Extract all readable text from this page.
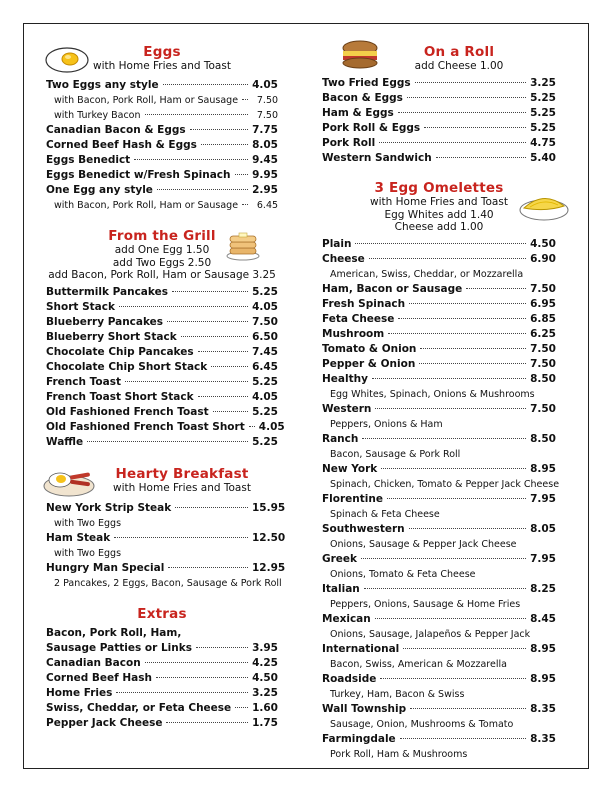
Eggs
with Home Fries and Toast
Two Eggs any style	4.05
with Bacon, Pork Roll, Ham or Sausage	7.50
with Turkey Bacon	7.50
Canadian Bacon & Eggs	7.75
Corned Beef Hash & Eggs	8.05
Eggs Benedict	9.45
Eggs Benedict w/Fresh Spinach 9.95
One Egg any style	2.95
with Bacon, Pork Roll, Ham or Sausage	6.45
From the Grill
add One Egg 1.50
add Two Eggs 2.50
add Bacon, Pork Roll, Ham or Sausage 3.25
Buttermilk Pancakes	5.25
Short Stack	4.05
Blueberry Pancakes	7.50
Blueberry Short Stack	6.50
Chocolate Chip Pancakes	7.45
Chocolate Chip Short Stack	6.45
French Toast	5.25
French Toast Short Stack	4.05
Old Fashioned French Toast	5.25
Old Fashioned French Toast Short 4.05
Waffle	5.25
Hearty Breakfast
with Home Fries and Toast
New York Strip Steak	15.95
with Two Eggs
Ham Steak	12.50
with Two Eggs
Hungry Man Special	12.95
2 Pancakes, 2 Eggs, Bacon, Sausage & Pork Roll
Extras
Bacon, Pork Roll, Ham,
Sausage Patties or Links	3.95
Canadian Bacon	4.25
Corned Beef Hash	4.50
Home Fries	3.25
Swiss, Cheddar, or Feta Cheese 1.60
Pepper Jack Cheese	1.75
On a Roll
add Cheese 1.00
Two Fried Eggs	3.25
Bacon & Eggs	5.25
Ham & Eggs	5.25
Pork Roll & Eggs	5.25
Pork Roll	4.75
Western Sandwich	5.40
3 Egg Omelettes
with Home Fries and Toast
Egg Whites add 1.40
Cheese add 1.00
Plain	4.50
Cheese	6.90
American, Swiss, Cheddar, or Mozzarella
Ham, Bacon or Sausage	7.50
Fresh Spinach	6.95
Feta Cheese	6.85
Mushroom	6.25
Tomato & Onion	7.50
Pepper & Onion	7.50
Healthy	8.50
Egg Whites, Spinach, Onions & Mushrooms
Western	7.50
Peppers, Onions & Ham
Ranch	8.50
Bacon, Sausage & Pork Roll
New York	8.95
Spinach, Chicken, Tomato & Pepper Jack Cheese
Florentine	7.95
Spinach & Feta Cheese
Southwestern	8.05
Onions, Sausage & Pepper Jack Cheese
Greek	7.95
Onions, Tomato & Feta Cheese
Italian	8.25
Peppers, Onions, Sausage & Home Fries
Mexican	8.45
Onions, Sausage, Jalapeños & Pepper Jack
International	8.95
Bacon, Swiss, American & Mozzarella
Roadside	8.95
Turkey, Ham, Bacon & Swiss
Wall Township	8.35
Sausage, Onion, Mushrooms & Tomato
Farmingdale	8.35
Pork Roll, Ham & Mushrooms
